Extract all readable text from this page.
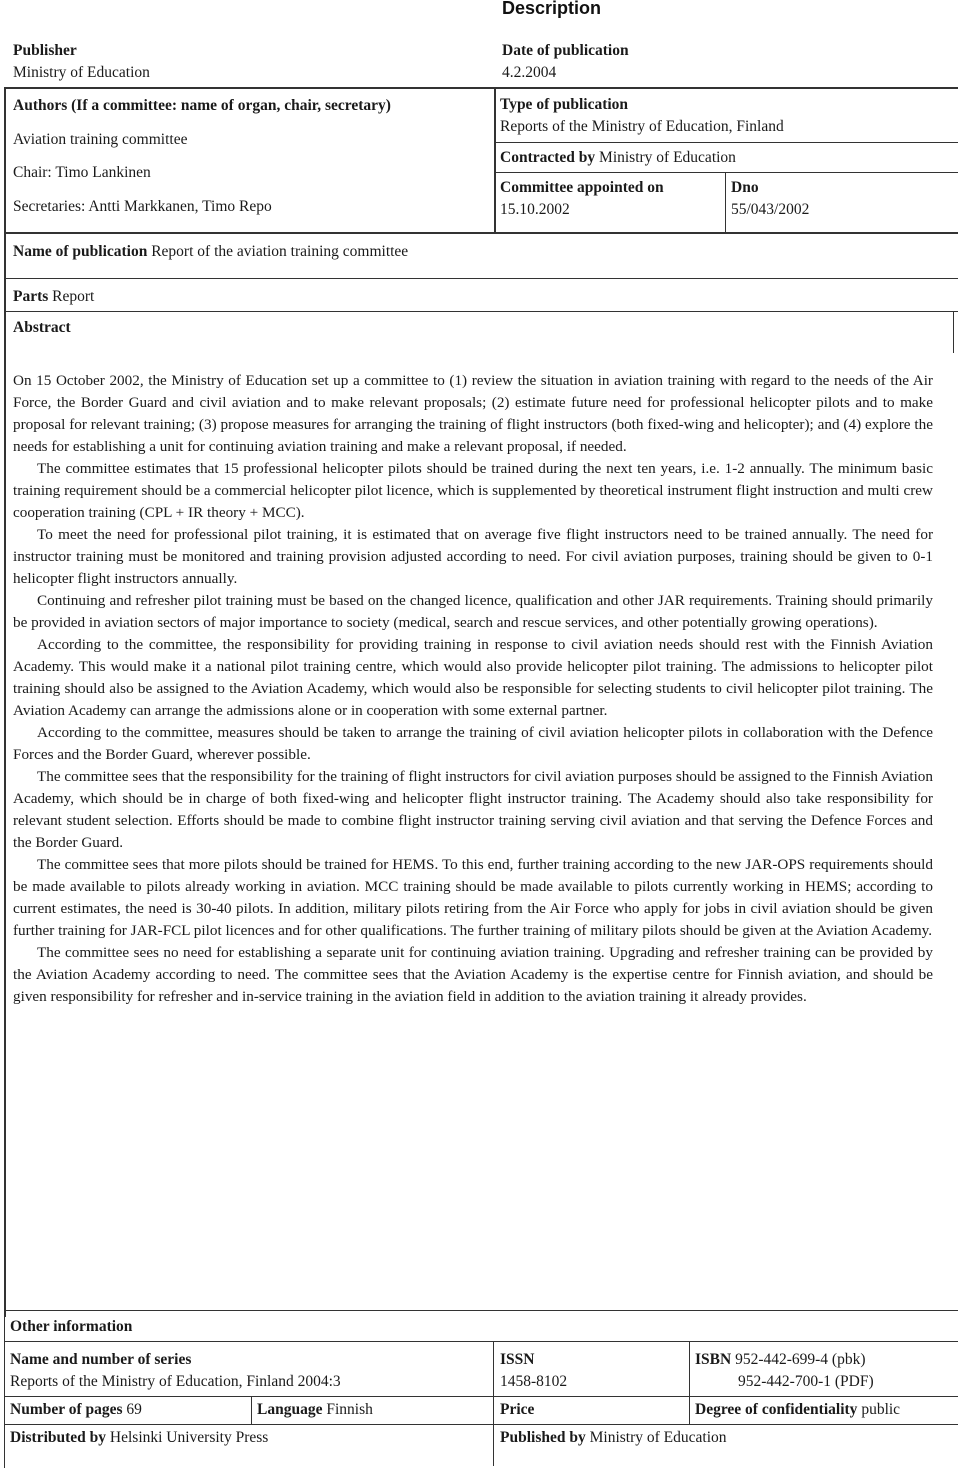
Description
Publisher
Ministry of Education
Date of publication
4.2.2004
Authors (If a committee: name of organ, chair, secretary)
Aviation training committee
Chair: Timo Lankinen
Secretaries: Antti Markkanen, Timo Repo
Type of publication
Reports of the Ministry of Education, Finland
Contracted by Ministry of Education
Committee appointed on
15.10.2002
Dno
55/043/2002
Name of publication Report of the aviation training committee
Parts Report
Abstract

On 15 October 2002, the Ministry of Education set up a committee to (1) review the situation in aviation training with regard to the needs of the Air Force, the Border Guard and civil aviation and to make relevant proposals; (2) estimate future need for professional helicopter pilots and to make proposal for relevant training; (3) propose measures for arranging the training of flight instructors (both fixed-wing and helicopter); and (4) explore the needs for establishing a unit for continuing aviation training and make a relevant proposal, if needed.

The committee estimates that 15 professional helicopter pilots should be trained during the next ten years, i.e. 1-2 annually. The minimum basic training requirement should be a commercial helicopter pilot licence, which is supplemented by theoretical instrument flight instruction and multi crew cooperation training (CPL + IR theory + MCC).

To meet the need for professional pilot training, it is estimated that on average five flight instructors need to be trained annually. The need for instructor training must be monitored and training provision adjusted according to need. For civil aviation purposes, training should be given to 0-1 helicopter flight instructors annually.

Continuing and refresher pilot training must be based on the changed licence, qualification and other JAR requirements. Training should primarily be provided in aviation sectors of major importance to society (medical, search and rescue services, and other potentially growing operations).

According to the committee, the responsibility for providing training in response to civil aviation needs should rest with the Finnish Aviation Academy. This would make it a national pilot training centre, which would also provide helicopter pilot training. The admissions to helicopter pilot training should also be assigned to the Aviation Academy, which would also be responsible for selecting students to civil helicopter pilot training. The Aviation Academy can arrange the admissions alone or in cooperation with some external partner.

According to the committee, measures should be taken to arrange the training of civil aviation helicopter pilots in collaboration with the Defence Forces and the Border Guard, wherever possible.

The committee sees that the responsibility for the training of flight instructors for civil aviation purposes should be assigned to the Finnish Aviation Academy, which should be in charge of both fixed-wing and helicopter flight instructor training. The Academy should also take responsibility for relevant student selection. Efforts should be made to combine flight instructor training serving civil aviation and that serving the Defence Forces and the Border Guard.

The committee sees that more pilots should be trained for HEMS. To this end, further training according to the new JAR-OPS requirements should be made available to pilots already working in aviation. MCC training should be made available to pilots currently working in HEMS; according to current estimates, the need is 30-40 pilots. In addition, military pilots retiring from the Air Force who apply for jobs in civil aviation should be given further training for JAR-FCL pilot licences and for other qualifications. The further training of military pilots should be given at the Aviation Academy.

The committee sees no need for establishing a separate unit for continuing aviation training. Upgrading and refresher training can be provided by the Aviation Academy according to need. The committee sees that the Aviation Academy is the expertise centre for Finnish aviation, and should be given responsibility for refresher and in-service training in the aviation field in addition to the aviation training it already provides.

Other information
Name and number of series
Reports of the Ministry of Education, Finland 2004:3
ISSN
1458-8102
ISBN 952-442-699-4 (pbk)
952-442-700-1 (PDF)
Number of pages 69	Language Finnish	Price	Degree of confidentiality public
Distributed by Helsinki University Press	Published by Ministry of Education
